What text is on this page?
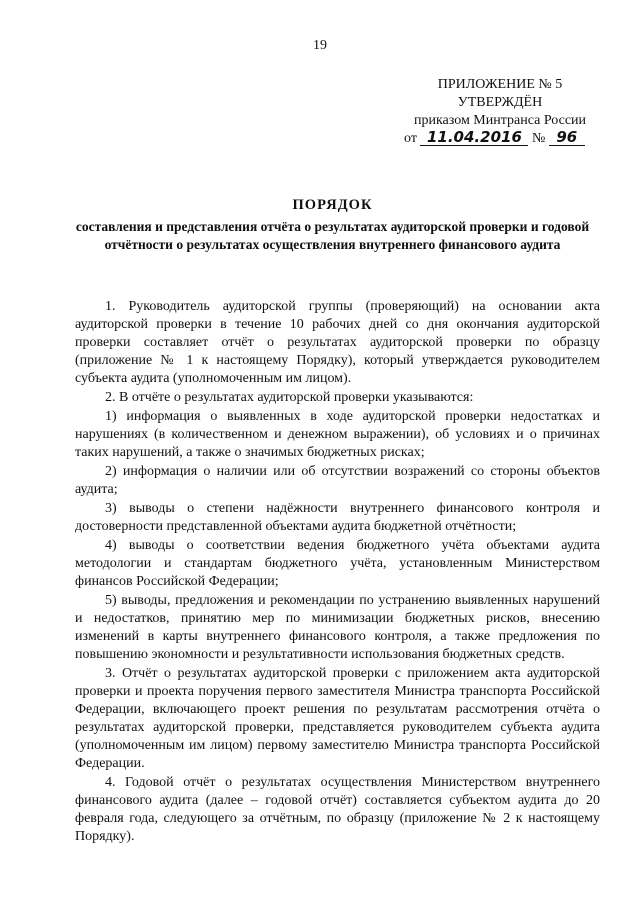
19
ПРИЛОЖЕНИЕ № 5
УТВЕРЖДЁН
приказом Минтранса России
от 11.04.2016 № 96
ПОРЯДОК
составления и представления отчёта о результатах аудиторской проверки и годовой отчётности о результатах осуществления внутреннего финансового аудита

1. Руководитель аудиторской группы (проверяющий) на основании акта аудиторской проверки в течение 10 рабочих дней со дня окончания аудиторской проверки составляет отчёт о результатах аудиторской проверки по образцу (приложение № 1 к настоящему Порядку), который утверждается руководителем субъекта аудита (уполномоченным им лицом).

2. В отчёте о результатах аудиторской проверки указываются:

1) информация о выявленных в ходе аудиторской проверки недостатках и нарушениях (в количественном и денежном выражении), об условиях и о причинах таких нарушений, а также о значимых бюджетных рисках;

2) информация о наличии или об отсутствии возражений со стороны объектов аудита;

3) выводы о степени надёжности внутреннего финансового контроля и достоверности представленной объектами аудита бюджетной отчётности;

4) выводы о соответствии ведения бюджетного учёта объектами аудита методологии и стандартам бюджетного учёта, установленным Министерством финансов Российской Федерации;

5) выводы, предложения и рекомендации по устранению выявленных нарушений и недостатков, принятию мер по минимизации бюджетных рисков, внесению изменений в карты внутреннего финансового контроля, а также предложения по повышению экономности и результативности использования бюджетных средств.

3. Отчёт о результатах аудиторской проверки с приложением акта аудиторской проверки и проекта поручения первого заместителя Министра транспорта Российской Федерации, включающего проект решения по результатам рассмотрения отчёта о результатах аудиторской проверки, представляется руководителем субъекта аудита (уполномоченным им лицом) первому заместителю Министра транспорта Российской Федерации.

4. Годовой отчёт о результатах осуществления Министерством внутреннего финансового аудита (далее – годовой отчёт) составляется субъектом аудита до 20 февраля года, следующего за отчётным, по образцу (приложение № 2 к настоящему Порядку).
